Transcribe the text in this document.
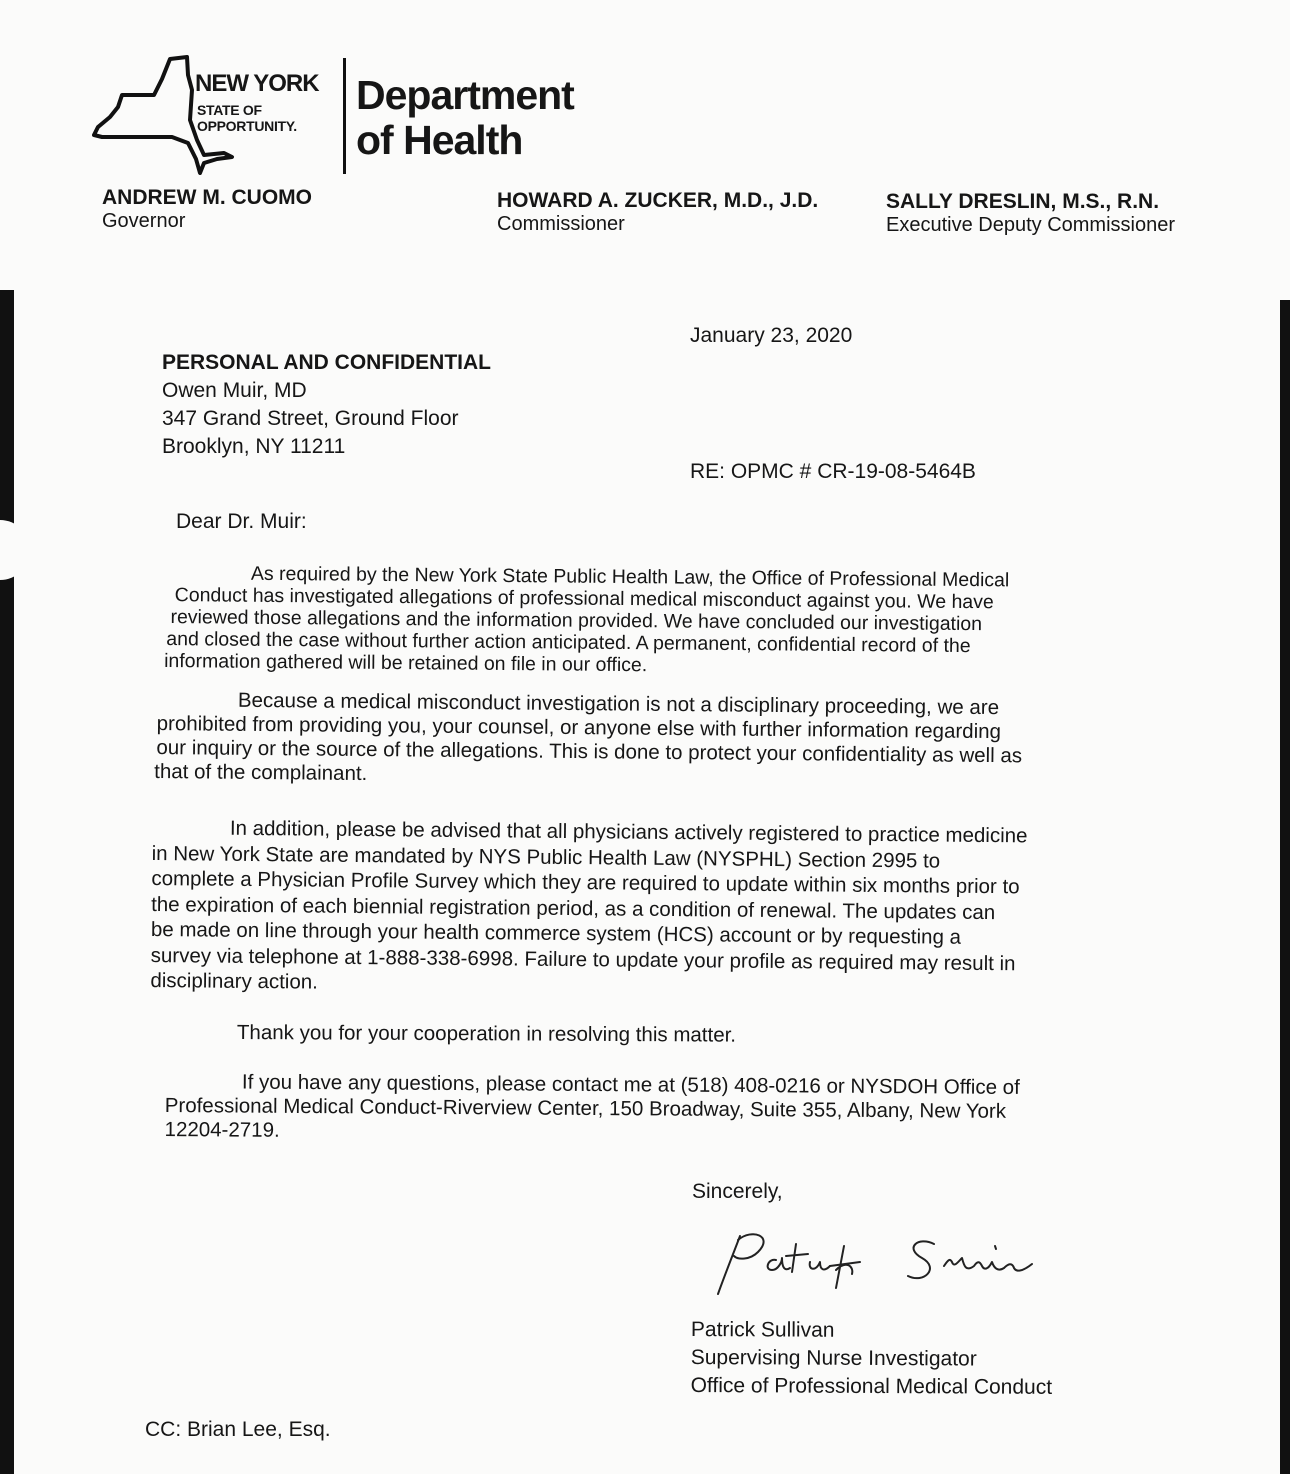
NEW YORK
STATE OF
OPPORTUNITY.
Department
of Health
ANDREW M. CUOMO
Governor
HOWARD A. ZUCKER, M.D., J.D.
Commissioner
SALLY DRESLIN, M.S., R.N.
Executive Deputy Commissioner
January 23, 2020
PERSONAL AND CONFIDENTIAL
Owen Muir, MD
347 Grand Street, Ground Floor
Brooklyn, NY 11211
RE: OPMC # CR-19-08-5464B
Dear Dr. Muir:
As required by the New York State Public Health Law, the Office of Professional Medical
Conduct has investigated allegations of professional medical misconduct against you. We have
reviewed those allegations and the information provided. We have concluded our investigation
and closed the case without further action anticipated. A permanent, confidential record of the
information gathered will be retained on file in our office.
Because a medical misconduct investigation is not a disciplinary proceeding, we are
prohibited from providing you, your counsel, or anyone else with further information regarding
our inquiry or the source of the allegations. This is done to protect your confidentiality as well as
that of the complainant.
In addition, please be advised that all physicians actively registered to practice medicine
in New York State are mandated by NYS Public Health Law (NYSPHL) Section 2995 to
complete a Physician Profile Survey which they are required to update within six months prior to
the expiration of each biennial registration period, as a condition of renewal. The updates can
be made on line through your health commerce system (HCS) account or by requesting a
survey via telephone at 1-888-338-6998. Failure to update your profile as required may result in
disciplinary action.
Thank you for your cooperation in resolving this matter.
If you have any questions, please contact me at (518) 408-0216 or NYSDOH Office of
Professional Medical Conduct-Riverview Center, 150 Broadway, Suite 355, Albany, New York
12204-2719.
Sincerely,
Patrick Sullivan
Supervising Nurse Investigator
Office of Professional Medical Conduct
CC: Brian Lee, Esq.
